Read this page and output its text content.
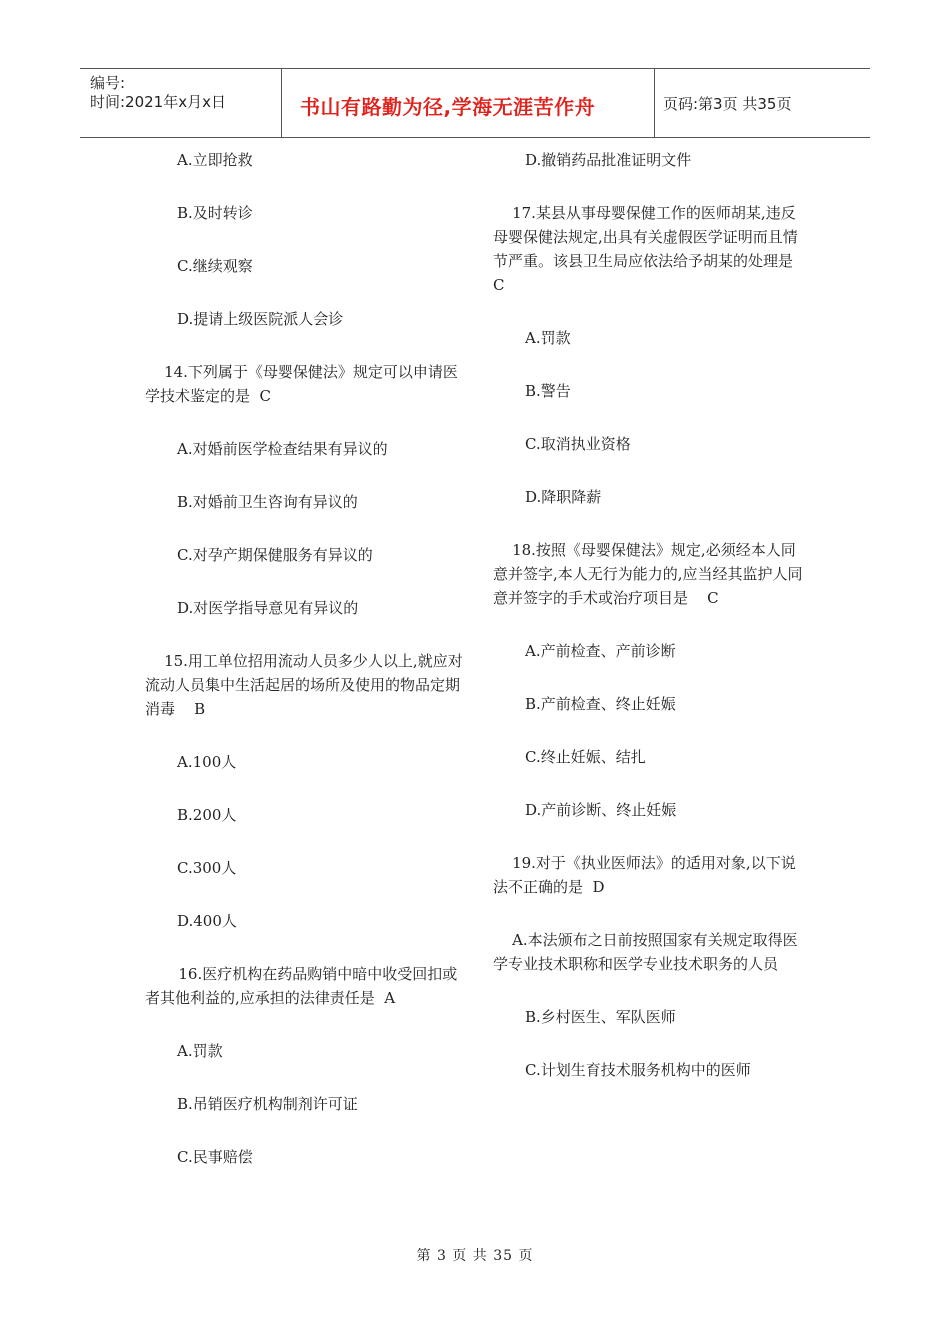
编号:
时间:2021年x月x日	书山有路勤为径,学海无涯苦作舟	页码:第3页 共35页
A.立即抢救
B.及时转诊
C.继续观察
D.提请上级医院派人会诊
14.下列属于《母婴保健法》规定可以申请医学技术鉴定的是  C
A.对婚前医学检查结果有异议的
B.对婚前卫生咨询有异议的
C.对孕产期保健服务有异议的
D.对医学指导意见有异议的
15.用工单位招用流动人员多少人以上,就应对流动人员集中生活起居的场所及使用的物品定期消毒    B
A.100人
B.200人
C.300人
D.400人
16.医疗机构在药品购销中暗中收受回扣或者其他利益的,应承担的法律责任是  A
A.罚款
B.吊销医疗机构制剂许可证
C.民事赔偿
D.撤销药品批准证明文件
17.某县从事母婴保健工作的医师胡某,违反母婴保健法规定,出具有关虚假医学证明而且情节严重。该县卫生局应依法给予胡某的处理是    C
A.罚款
B.警告
C.取消执业资格
D.降职降薪
18.按照《母婴保健法》规定,必须经本人同意并签字,本人无行为能力的,应当经其监护人同意并签字的手术或治疗项目是    C
A.产前检查、产前诊断
B.产前检查、终止妊娠
C.终止妊娠、结扎
D.产前诊断、终止妊娠
19.对于《执业医师法》的适用对象,以下说法不正确的是  D
A.本法颁布之日前按照国家有关规定取得医学专业技术职称和医学专业技术职务的人员
B.乡村医生、军队医师
C.计划生育技术服务机构中的医师
第 3 页 共 35 页
